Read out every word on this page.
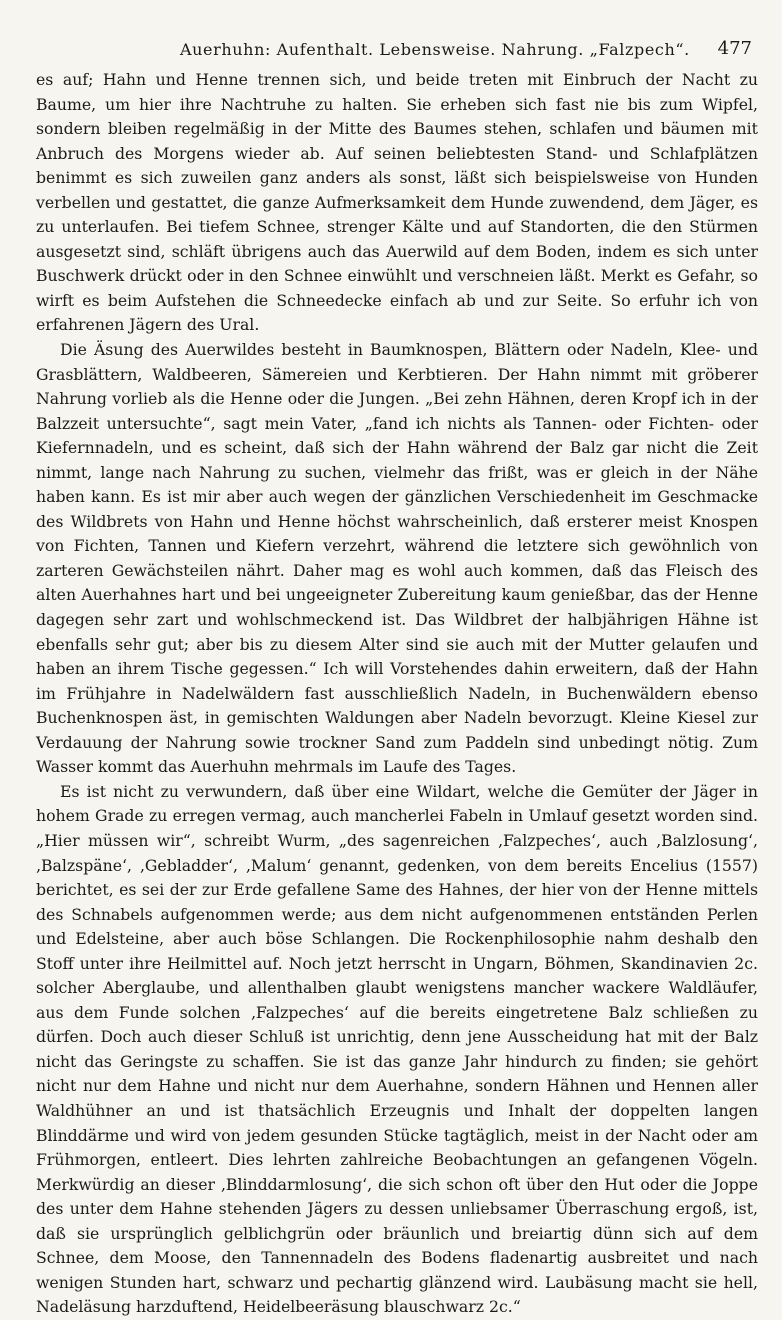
Auerhuhn: Aufenthalt. Lebensweise. Nahrung. „Falzpech“. 477

es auf; Hahn und Henne trennen sich, und beide treten mit Einbruch der Nacht zu Baume, um hier ihre Nachtruhe zu halten. Sie erheben sich fast nie bis zum Wipfel, sondern bleiben regelmäßig in der Mitte des Baumes stehen, schlafen und bäumen mit Anbruch des Morgens wieder ab. Auf seinen beliebtesten Stand- und Schlafplätzen benimmt es sich zuweilen ganz anders als sonst, läßt sich beispielsweise von Hunden verbellen und gestattet, die ganze Aufmerksamkeit dem Hunde zuwendend, dem Jäger, es zu unterlaufen. Bei tiefem Schnee, strenger Kälte und auf Standorten, die den Stürmen ausgesetzt sind, schläft übrigens auch das Auerwild auf dem Boden, indem es sich unter Buschwerk drückt oder in den Schnee einwühlt und verschneien läßt. Merkt es Gefahr, so wirft es beim Aufstehen die Schneedecke einfach ab und zur Seite. So erfuhr ich von erfahrenen Jägern des Ural.

Die Äsung des Auerwildes besteht in Baumknospen, Blättern oder Nadeln, Klee- und Grasblättern, Waldbeeren, Sämereien und Kerbtieren. Der Hahn nimmt mit gröberer Nahrung vorlieb als die Henne oder die Jungen. „Bei zehn Hähnen, deren Kropf ich in der Balzzeit untersuchte“, sagt mein Vater, „fand ich nichts als Tannen- oder Fichten- oder Kiefernnadeln, und es scheint, daß sich der Hahn während der Balz gar nicht die Zeit nimmt, lange nach Nahrung zu suchen, vielmehr das frißt, was er gleich in der Nähe haben kann. Es ist mir aber auch wegen der gänzlichen Verschiedenheit im Geschmacke des Wildbrets von Hahn und Henne höchst wahrscheinlich, daß ersterer meist Knospen von Fichten, Tannen und Kiefern verzehrt, während die letztere sich gewöhnlich von zarteren Gewächsteilen nährt. Daher mag es wohl auch kommen, daß das Fleisch des alten Auerhahnes hart und bei ungeeigneter Zubereitung kaum genießbar, das der Henne dagegen sehr zart und wohlschmeckend ist. Das Wildbret der halbjährigen Hähne ist ebenfalls sehr gut; aber bis zu diesem Alter sind sie auch mit der Mutter gelaufen und haben an ihrem Tische gegessen.“ Ich will Vorstehendes dahin erweitern, daß der Hahn im Frühjahre in Nadelwäldern fast ausschließlich Nadeln, in Buchenwäldern ebenso Buchenknospen äst, in gemischten Waldungen aber Nadeln bevorzugt. Kleine Kiesel zur Verdauung der Nahrung sowie trockner Sand zum Paddeln sind unbedingt nötig. Zum Wasser kommt das Auerhuhn mehrmals im Laufe des Tages.

Es ist nicht zu verwundern, daß über eine Wildart, welche die Gemüter der Jäger in hohem Grade zu erregen vermag, auch mancherlei Fabeln in Umlauf gesetzt worden sind. „Hier müssen wir“, schreibt Wurm, „des sagenreichen ‚Falzpeches‘, auch ‚Balzlosung‘, ‚Balzspäne‘, ‚Gebladder‘, ‚Malum‘ genannt, gedenken, von dem bereits Encelius (1557) berichtet, es sei der zur Erde gefallene Same des Hahnes, der hier von der Henne mittels des Schnabels aufgenommen werde; aus dem nicht aufgenommenen entständen Perlen und Edelsteine, aber auch böse Schlangen. Die Rockenphilosophie nahm deshalb den Stoff unter ihre Heilmittel auf. Noch jetzt herrscht in Ungarn, Böhmen, Skandinavien 2c. solcher Aberglaube, und allenthalben glaubt wenigstens mancher wackere Waldläufer, aus dem Funde solchen ‚Falzpeches‘ auf die bereits eingetretene Balz schließen zu dürfen. Doch auch dieser Schluß ist unrichtig, denn jene Ausscheidung hat mit der Balz nicht das Geringste zu schaffen. Sie ist das ganze Jahr hindurch zu finden; sie gehört nicht nur dem Hahne und nicht nur dem Auerhahne, sondern Hähnen und Hennen aller Waldhühner an und ist thatsächlich Erzeugnis und Inhalt der doppelten langen Blinddärme und wird von jedem gesunden Stücke tagtäglich, meist in der Nacht oder am Frühmorgen, entleert. Dies lehrten zahlreiche Beobachtungen an gefangenen Vögeln. Merkwürdig an dieser ‚Blinddarmlosung‘, die sich schon oft über den Hut oder die Joppe des unter dem Hahne stehenden Jägers zu dessen unliebsamer Überraschung ergoß, ist, daß sie ursprünglich gelblichgrün oder bräunlich und breiartig dünn sich auf dem Schnee, dem Moose, den Tannennadeln des Bodens fladenartig ausbreitet und nach wenigen Stunden hart, schwarz und pechartig glänzend wird. Laubäsung macht sie hell, Nadeläsung harzduftend, Heidelbeeräsung blauschwarz 2c.“
